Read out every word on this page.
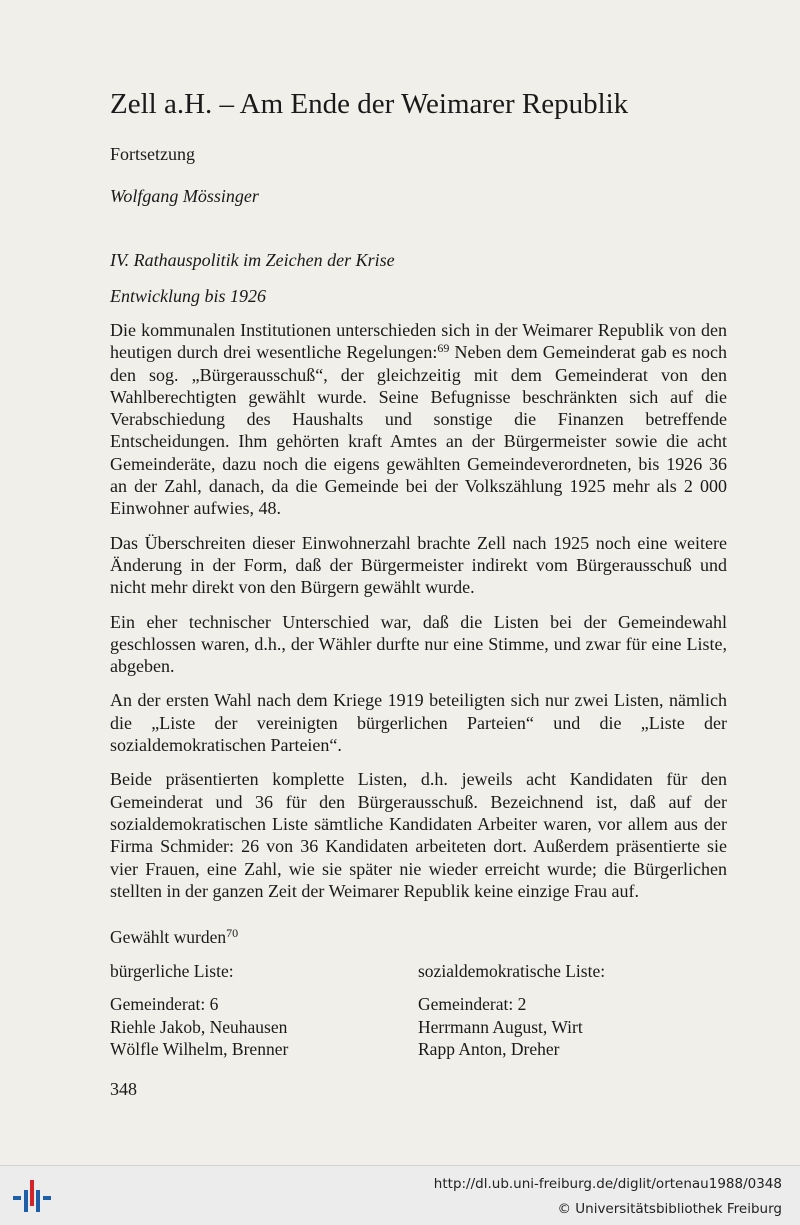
Zell a.H. – Am Ende der Weimarer Republik
Fortsetzung
Wolfgang Mössinger
IV. Rathauspolitik im Zeichen der Krise
Entwicklung bis 1926

Die kommunalen Institutionen unterschieden sich in der Weimarer Republik von den heutigen durch drei wesentliche Regelungen:$^{69}$ Neben dem Gemeinderat gab es noch den sog. „Bürgerausschuß“, der gleichzeitig mit dem Gemeinderat von den Wahlberechtigten gewählt wurde. Seine Befugnisse beschränkten sich auf die Verabschiedung des Haushalts und sonstige die Finanzen betreffende Entscheidungen. Ihm gehörten kraft Amtes an der Bürgermeister sowie die acht Gemeinderäte, dazu noch die eigens gewählten Gemeindeverordneten, bis 1926 36 an der Zahl, danach, da die Gemeinde bei der Volkszählung 1925 mehr als 2 000 Einwohner aufwies, 48.

Das Überschreiten dieser Einwohnerzahl brachte Zell nach 1925 noch eine weitere Änderung in der Form, daß der Bürgermeister indirekt vom Bürgerausschuß und nicht mehr direkt von den Bürgern gewählt wurde.

Ein eher technischer Unterschied war, daß die Listen bei der Gemeindewahl geschlossen waren, d.h., der Wähler durfte nur eine Stimme, und zwar für eine Liste, abgeben.

An der ersten Wahl nach dem Kriege 1919 beteiligten sich nur zwei Listen, nämlich die „Liste der vereinigten bürgerlichen Parteien“ und die „Liste der sozialdemokratischen Parteien“.

Beide präsentierten komplette Listen, d.h. jeweils acht Kandidaten für den Gemeinderat und 36 für den Bürgerausschuß. Bezeichnend ist, daß auf der sozialdemokratischen Liste sämtliche Kandidaten Arbeiter waren, vor allem aus der Firma Schmider: 26 von 36 Kandidaten arbeiteten dort. Außerdem präsentierte sie vier Frauen, eine Zahl, wie sie später nie wieder erreicht wurde; die Bürgerlichen stellten in der ganzen Zeit der Weimarer Republik keine einzige Frau auf.

Gewählt wurden$^{70}$
bürgerliche Liste:
Gemeinderat: 6
Riehle Jakob, Neuhausen
Wölfle Wilhelm, Brenner
sozialdemokratische Liste:
Gemeinderat: 2
Herrmann August, Wirt
Rapp Anton, Dreher
348
http://dl.ub.uni-freiburg.de/diglit/ortenau1988/0348
© Universitätsbibliothek Freiburg
